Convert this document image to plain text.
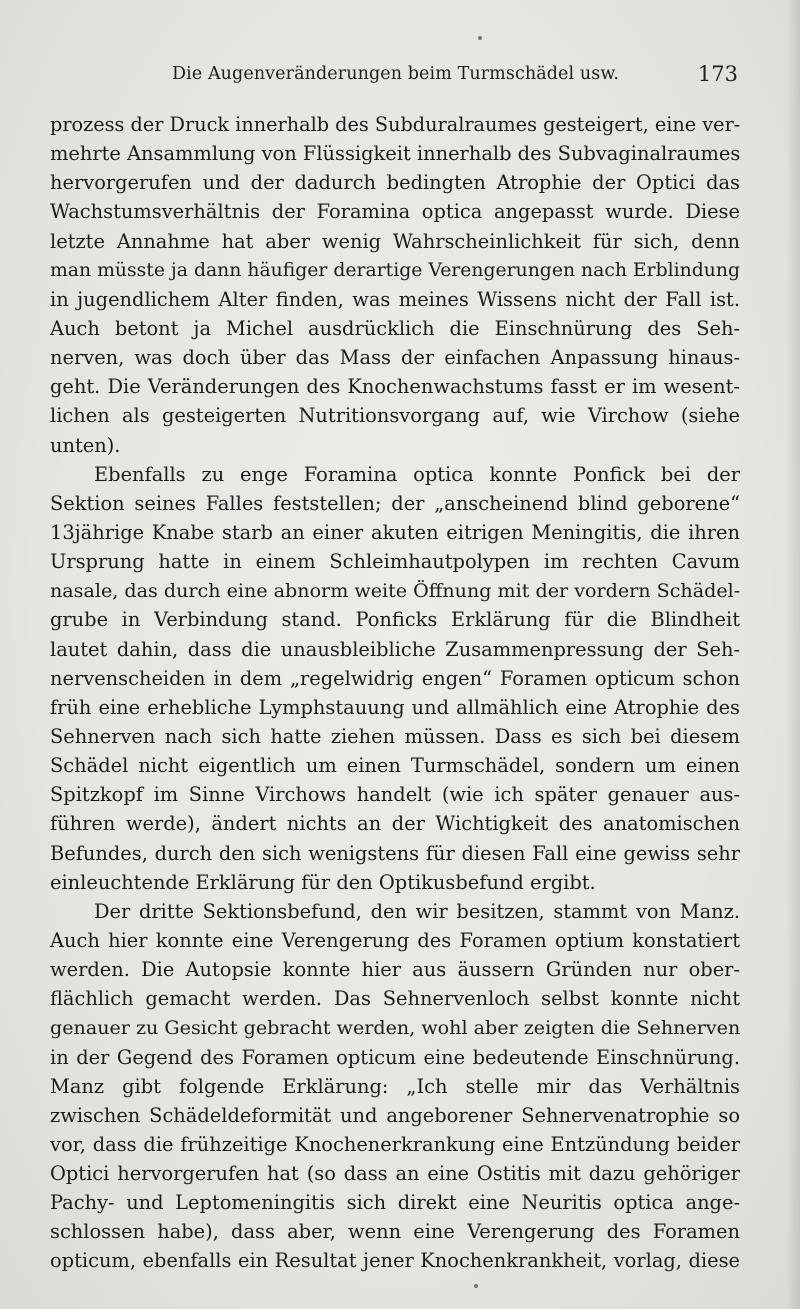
Die Augenveränderungen beim Turmschädel usw.	173
prozess der Druck innerhalb des Subduralraumes gesteigert, eine ver-
mehrte Ansammlung von Flüssigkeit innerhalb des Subvaginalraumes
hervorgerufen und der dadurch bedingten Atrophie der Optici das
Wachstumsverhältnis der Foramina optica angepasst wurde. Diese
letzte Annahme hat aber wenig Wahrscheinlichkeit für sich, denn
man müsste ja dann häufiger derartige Verengerungen nach Erblindung
in jugendlichem Alter finden, was meines Wissens nicht der Fall ist.
Auch betont ja Michel ausdrücklich die Einschnürung des Seh-
nerven, was doch über das Mass der einfachen Anpassung hinaus-
geht. Die Veränderungen des Knochenwachstums fasst er im wesent-
lichen als gesteigerten Nutritionsvorgang auf, wie Virchow (siehe
unten).
Ebenfalls zu enge Foramina optica konnte Ponfick bei der
Sektion seines Falles feststellen; der „anscheinend blind geborene“
13jährige Knabe starb an einer akuten eitrigen Meningitis, die ihren
Ursprung hatte in einem Schleimhautpolypen im rechten Cavum
nasale, das durch eine abnorm weite Öffnung mit der vordern Schädel-
grube in Verbindung stand. Ponficks Erklärung für die Blindheit
lautet dahin, dass die unausbleibliche Zusammenpressung der Seh-
nervenscheiden in dem „regelwidrig engen“ Foramen opticum schon
früh eine erhebliche Lymphstauung und allmählich eine Atrophie des
Sehnerven nach sich hatte ziehen müssen. Dass es sich bei diesem
Schädel nicht eigentlich um einen Turmschädel, sondern um einen
Spitzkopf im Sinne Virchows handelt (wie ich später genauer aus-
führen werde), ändert nichts an der Wichtigkeit des anatomischen
Befundes, durch den sich wenigstens für diesen Fall eine gewiss sehr
einleuchtende Erklärung für den Optikusbefund ergibt.
Der dritte Sektionsbefund, den wir besitzen, stammt von Manz.
Auch hier konnte eine Verengerung des Foramen optium konstatiert
werden. Die Autopsie konnte hier aus äussern Gründen nur ober-
flächlich gemacht werden. Das Sehnervenloch selbst konnte nicht
genauer zu Gesicht gebracht werden, wohl aber zeigten die Sehnerven
in der Gegend des Foramen opticum eine bedeutende Einschnürung.
Manz gibt folgende Erklärung: „Ich stelle mir das Verhältnis
zwischen Schädeldeformität und angeborener Sehnervenatrophie so
vor, dass die frühzeitige Knochenerkrankung eine Entzündung beider
Optici hervorgerufen hat (so dass an eine Ostitis mit dazu gehöriger
Pachy- und Leptomeningitis sich direkt eine Neuritis optica ange-
schlossen habe), dass aber, wenn eine Verengerung des Foramen
opticum, ebenfalls ein Resultat jener Knochenkrankheit, vorlag, diese
